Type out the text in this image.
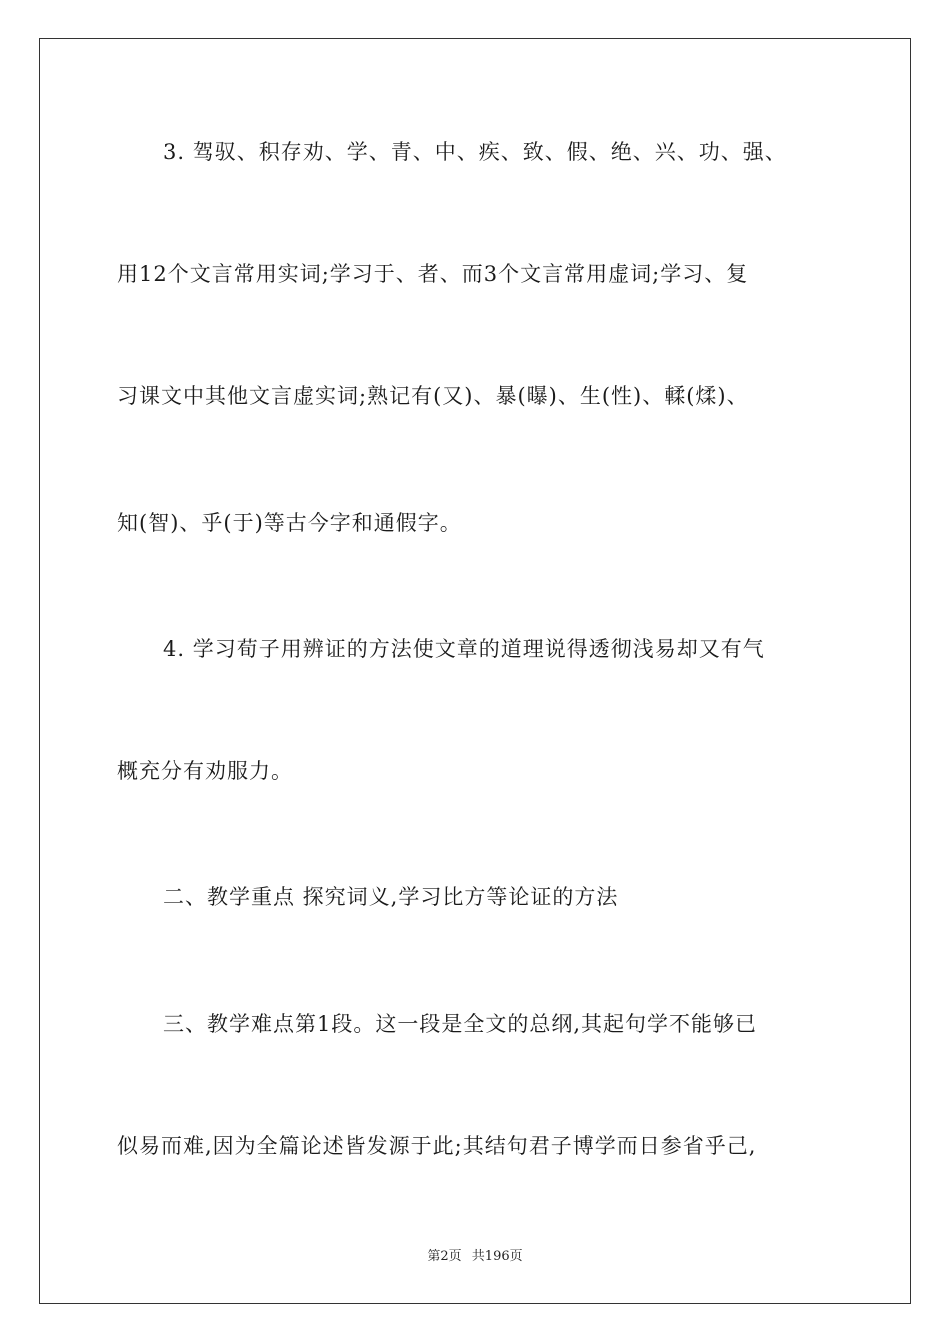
3. 驾驭、积存劝、学、青、中、疾、致、假、绝、兴、功、强、
用12个文言常用实词;学习于、者、而3个文言常用虚词;学习、复
习课文中其他文言虚实词;熟记有(又)、暴(曝)、生(性)、輮(煣)、
知(智)、乎(于)等古今字和通假字。
4. 学习荀子用辨证的方法使文章的道理说得透彻浅易却又有气
概充分有劝服力。
二、教学重点 探究词义,学习比方等论证的方法
三、教学难点第1段。这一段是全文的总纲,其起句学不能够已
似易而难,因为全篇论述皆发源于此;其结句君子博学而日参省乎己,
第2页 共196页
